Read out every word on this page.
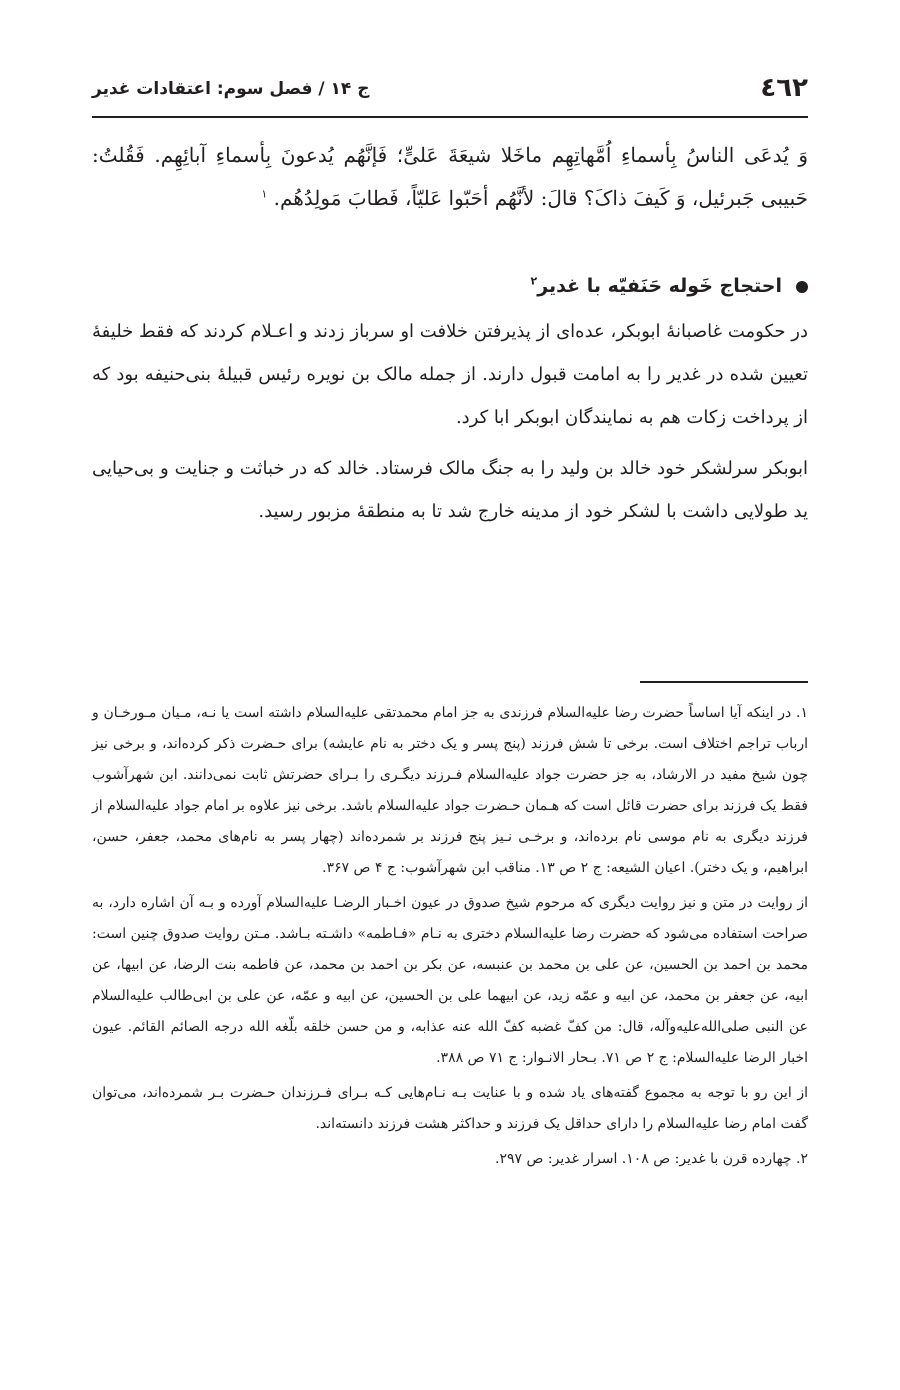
٤٦٢

ج ۱۴ / فصل سوم: اعتقادات غدیر

وَ یُدعَی الناسُ بِأسماءِ اُمَّهاتِهِم ماخَلا شیعَةَ عَلیٍّ؛ فَإنَّهُم یُدعونَ بِأسماءِ آبائِهِم. فَقُلتُ: حَبیبی جَبرئیل، وَ کَیفَ ذاکَ؟ قالَ: لأنَّهُم أحَبّوا عَلیّاً، فَطابَ مَولِدُهُم. $^۱$

احتجاج خَوله حَنَفیّه با غدیر$^۲$

در حکومت غاصبانهٔ ابوبکر، عده‌ای از پذیرفتن خلافت او سرباز زدند و اعـلام کردند که فقط خلیفهٔ تعیین شده در غدیر را به امامت قبول دارند. از جمله مالک بن نویره رئیس قبیلهٔ بنی‌حنیفه بود که از پرداخت زکات هم به نمایندگان ابوبکر ابا کرد.

ابوبکر سرلشکر خود خالد بن ولید را به جنگ مالک فرستاد. خالد که در خباثت و جنایت و بی‌حیایی ید طولایی داشت با لشکر خود از مدینه خارج شد تا به منطقهٔ مزبور رسید.

۱. در اینکه آیا اساساً حضرت رضا علیه‌السلام فرزندی به جز امام محمدتقی علیه‌السلام داشته است یا نـه، مـیان مـورخـان و ارباب تراجم اختلاف است. برخی تا شش فرزند (پنج پسر و یک دختر به نام عایشه) برای حـضرت ذکر کرده‌اند، و برخی نیز چون شیخ مفید در الارشاد، به جز حضرت جواد علیه‌السلام فـرزند دیگـری را بـرای حضرتش ثابت نمی‌دانند. ابن شهرآشوب فقط یک فرزند برای حضرت قائل است که هـمان حـضرت جواد علیه‌السلام باشد. برخی نیز علاوه بر امام جواد علیه‌السلام از فرزند دیگری به نام موسی نام برده‌اند، و برخـی نـیز پنج فرزند بر شمرده‌اند (چهار پسر به نام‌های محمد، جعفر، حسن، ابراهیم، و یک دختر). اعیان الشیعه: ج ۲ ص ۱۳. مناقب ابن شهرآشوب: ج ۴ ص ۳۶۷.

از روایت در متن و نیز روایت دیگری که مرحوم شیخ صدوق در عیون اخـبار الرضـا علیه‌السلام آورده و بـه آن اشاره دارد، به صراحت استفاده می‌شود که حضرت رضا علیه‌السلام دختری به نـام «فـاطمه» داشـته بـاشد. مـتن روایت صدوق چنین است: محمد بن احمد بن الحسین، عن علی بن محمد بن عنبسه، عن بکر بن احمد بن محمد، عن فاطمه بنت الرضا، عن ابیها، عن ابیه، عن جعفر بن محمد، عن ابیه و عمّه زید، عن ابیهما علی بن الحسین، عن ابیه و عمّه، عن علی بن ابی‌طالب علیه‌السلام عن النبی صلی‌الله‌علیه‌وآله، قال: من کفّ غضبه کفّ الله عنه عذابه، و من حسن خلقه بلّغه الله درجه الصائم القائم. عیون اخبار الرضا علیه‌السلام: ج ۲ ص ۷۱. بـحار الانـوار: ج ۷۱ ص ۳۸۸.

از این رو با توجه به مجموع گفته‌های یاد شده و با عنایت بـه نـام‌هایی کـه بـرای فـرزندان حـضرت بـر شمرده‌اند، می‌توان گفت امام رضا علیه‌السلام را دارای حداقل یک فرزند و حداکثر هشت فرزند دانسته‌اند.

۲. چهارده قرن با غدیر: ص ۱۰۸. اسرار غدیر: ص ۲۹۷.
